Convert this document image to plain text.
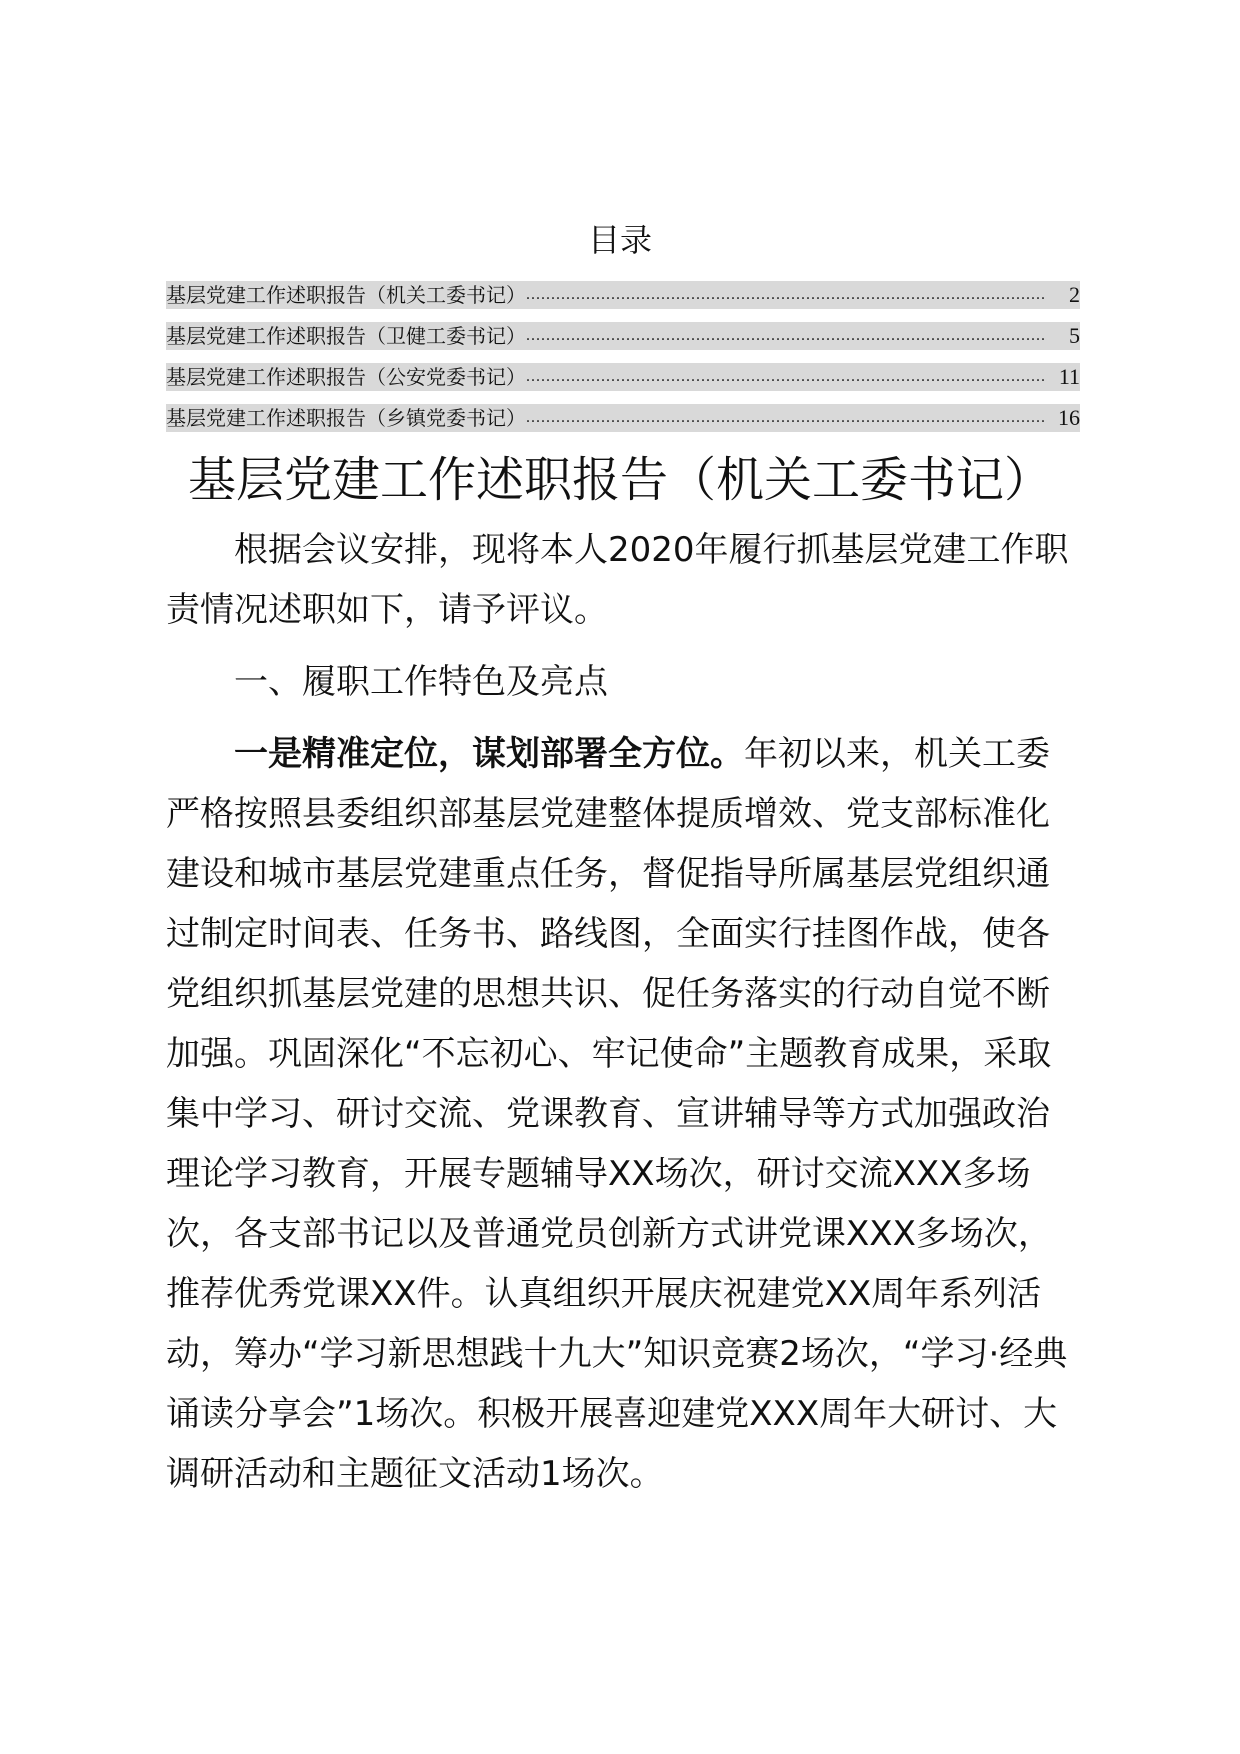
目录
基层党建工作述职报告（机关工委书记） ........................................................................................................	2
基层党建工作述职报告（卫健工委书记） ........................................................................................................	5
基层党建工作述职报告（公安党委书记） ........................................................................................................ 11
基层党建工作述职报告（乡镇党委书记） ........................................................................................................ 16
基层党建工作述职报告（机关工委书记）

根据会议安排，现将本人2020年履行抓基层党建工作职责情况述职如下，请予评议。

一、履职工作特色及亮点

一是精准定位，谋划部署全方位。年初以来，机关工委严格按照县委组织部基层党建整体提质增效、党支部标准化建设和城市基层党建重点任务，督促指导所属基层党组织通过制定时间表、任务书、路线图，全面实行挂图作战，使各党组织抓基层党建的思想共识、促任务落实的行动自觉不断加强。巩固深化“不忘初心、牢记使命”主题教育成果，采取集中学习、研讨交流、党课教育、宣讲辅导等方式加强政治理论学习教育，开展专题辅导XX场次，研讨交流XXX多场次，各支部书记以及普通党员创新方式讲党课XXX多场次，推荐优秀党课XX件。认真组织开展庆祝建党XX周年系列活动，筹办“学习新思想践十九大”知识竞赛2场次，“学习·经典诵读分享会”1场次。积极开展喜迎建党XXX周年大研讨、大调研活动和主题征文活动1场次。
